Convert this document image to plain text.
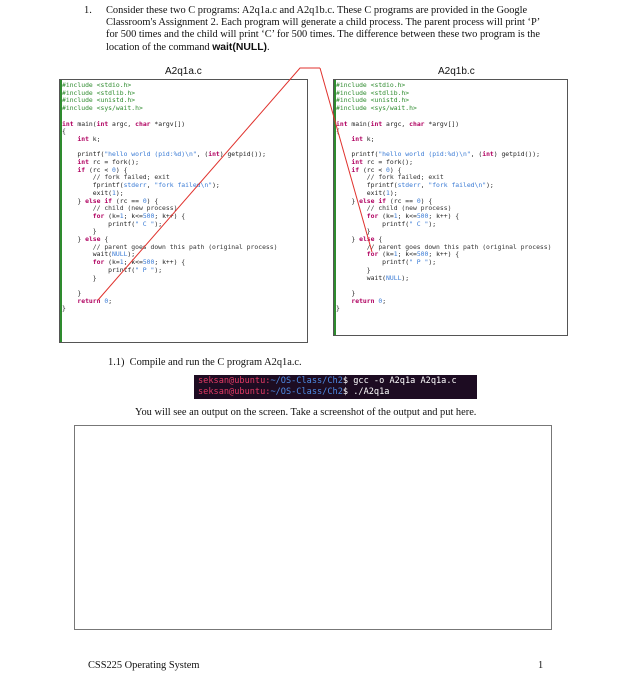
1. Consider these two C programs: A2q1a.c and A2q1b.c. These C programs are provided in the Google Classroom's Assignment 2. Each program will generate a child process. The parent process will print ‘P’ for 500 times and the child will print ‘C’ for 500 times. The difference between these two program is the location of the command wait(NULL).
A2q1a.c	A2q1b.c
#include <stdio.h>
#include <stdlib.h>
#include <unistd.h>
#include <sys/wait.h>

int main(int argc, char *argv[])
{
int k;

printf("hello world (pid:%d)\n", (int) getpid());
int rc = fork();
if (rc < 0) {
// fork failed; exit
fprintf(stderr, "fork failed\n");
exit(1);
} else if (rc == 0) {
// child (new process)
for (k=1; k<=500; k++) {
printf(" C ");
}
} else {
// parent goes down this path (original process)
wait(NULL);
for (k=1; k<=500; k++) {
printf(" P ");
}

}
return 0;
}
#include <stdio.h>
#include <stdlib.h>
#include <unistd.h>
#include <sys/wait.h>

int main(int argc, char *argv[])
{
int k;

printf("hello world (pid:%d)\n", (int) getpid());
int rc = fork();
if (rc < 0) {
// fork failed; exit
fprintf(stderr, "fork failed\n");
exit(1);
} else if (rc == 0) {
// child (new process)
for (k=1; k<=500; k++) {
printf(" C ");
}
} else {
// parent goes down this path (original process)
for (k=1; k<=500; k++) {
printf(" P ");
}
wait(NULL);

}
return 0;
}
1.1) Compile and run the C program A2q1a.c.
seksan@ubuntu:~/OS-Class/Ch2$ gcc -o A2q1a A2q1a.c
seksan@ubuntu:~/OS-Class/Ch2$ ./A2q1a
You will see an output on the screen. Take a screenshot of the output and put here.
CSS225 Operating System	1
